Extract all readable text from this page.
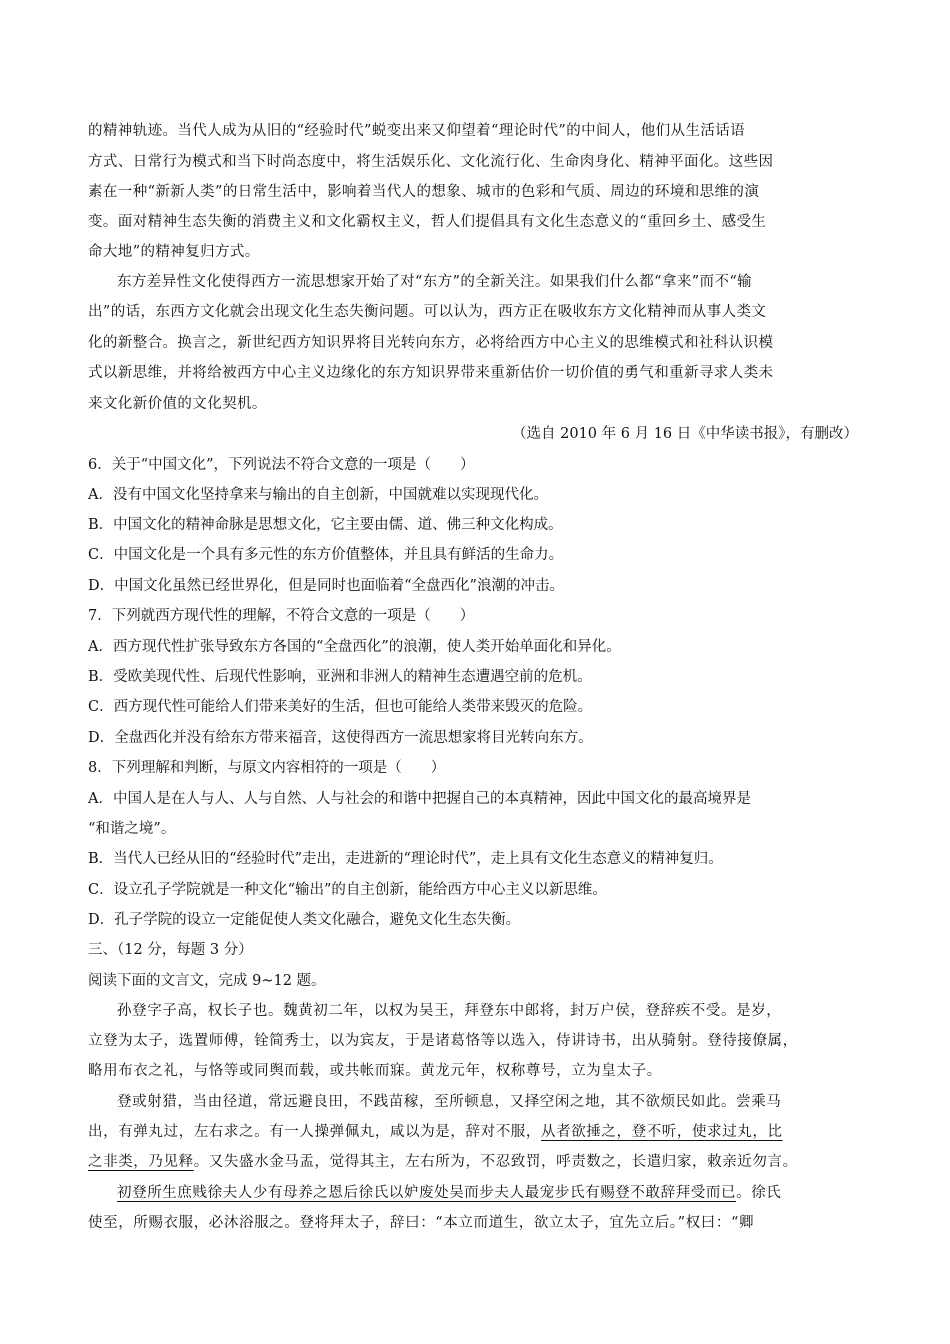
的精神轨迹。当代人成为从旧的“经验时代”蜕变出来又仰望着“理论时代”的中间人，他们从生活话语
方式、日常行为模式和当下时尚态度中，将生活娱乐化、文化流行化、生命肉身化、精神平面化。这些因
素在一种“新新人类”的日常生活中，影响着当代人的想象、城市的色彩和气质、周边的环境和思维的演
变。面对精神生态失衡的消费主义和文化霸权主义，哲人们提倡具有文化生态意义的“重回乡土、感受生
命大地”的精神复归方式。
东方差异性文化使得西方一流思想家开始了对“东方”的全新关注。如果我们什么都“拿来”而不“输
出”的话，东西方文化就会出现文化生态失衡问题。可以认为，西方正在吸收东方文化精神而从事人类文
化的新整合。换言之，新世纪西方知识界将目光转向东方，必将给西方中心主义的思维模式和社科认识模
式以新思维，并将给被西方中心主义边缘化的东方知识界带来重新估价一切价值的勇气和重新寻求人类未
来文化新价值的文化契机。
（选自 2010 年 6 月 16 日《中华读书报》，有删改）
6．关于“中国文化”，下列说法不符合文意的一项是（　　）
A．没有中国文化坚持拿来与输出的自主创新，中国就难以实现现代化。
B．中国文化的精神命脉是思想文化，它主要由儒、道、佛三种文化构成。
C．中国文化是一个具有多元性的东方价值整体，并且具有鲜活的生命力。
D．中国文化虽然已经世界化，但是同时也面临着“全盘西化”浪潮的冲击。
7．下列就西方现代性的理解，不符合文意的一项是（　　）
A．西方现代性扩张导致东方各国的“全盘西化”的浪潮，使人类开始单面化和异化。
B．受欧美现代性、后现代性影响，亚洲和非洲人的精神生态遭遇空前的危机。
C．西方现代性可能给人们带来美好的生活，但也可能给人类带来毁灭的危险。
D．全盘西化并没有给东方带来福音，这使得西方一流思想家将目光转向东方。
8．下列理解和判断，与原文内容相符的一项是（　　）
A．中国人是在人与人、人与自然、人与社会的和谐中把握自己的本真精神，因此中国文化的最高境界是
“和谐之境”。
B．当代人已经从旧的“经验时代”走出，走进新的“理论时代”，走上具有文化生态意义的精神复归。
C．设立孔子学院就是一种文化“输出”的自主创新，能给西方中心主义以新思维。
D．孔子学院的设立一定能促使人类文化融合，避免文化生态失衡。
三、（12 分，每题 3 分）
阅读下面的文言文，完成 9~12 题。
孙登字子高，权长子也。魏黄初二年，以权为吴王，拜登东中郎将，封万户侯，登辞疾不受。是岁，
立登为太子，选置师傅，铨简秀士，以为宾友，于是诸葛恪等以选入，侍讲诗书，出从骑射。登待接僚属，
略用布衣之礼，与恪等或同舆而载，或共帐而寐。黄龙元年，权称尊号，立为皇太子。
登或射猎，当由径道，常远避良田，不践苗稼，至所顿息，又择空闲之地，其不欲烦民如此。尝乘马
出，有弹丸过，左右求之。有一人操弹佩丸，咸以为是，辞对不服，从者欲捶之，登不听，使求过丸，比
之非类，乃见释。又失盛水金马盂，觉得其主，左右所为，不忍致罚，呼责数之，长遣归家，敕亲近勿言。
初登所生庶贱徐夫人少有母养之恩后徐氏以妒废处吴而步夫人最宠步氏有赐登不敢辞拜受而已。徐氏
使至，所赐衣服，必沐浴服之。登将拜太子，辞曰：“本立而道生，欲立太子，宜先立后。”权曰：“卿
